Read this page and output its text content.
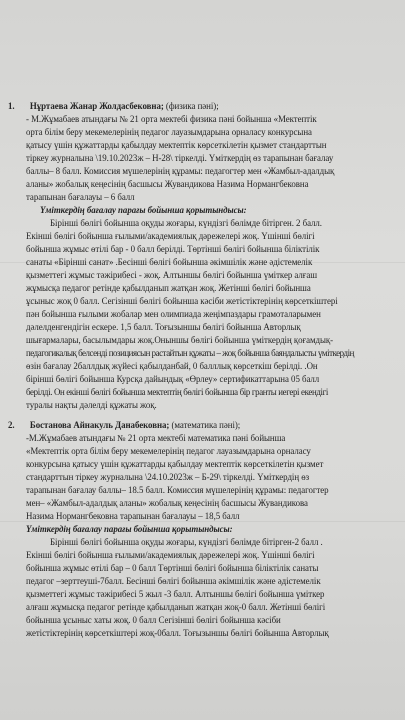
1. Нұртаева Жанар Жолдасбековна; (физика пәні);
- М.Жұмабаев атындағы № 21 орта мектебі физика пәні бойынша «Мектептік
орта білім беру мекемелерінің педагог лауазымдарына орналасу конкурсына
қатысу үшін құжаттарды қабылдау мектептік көрсеткілетін қызмет стандарттын
тіркеу журналына \19.10.2023ж – Н-28\ тіркелді. Үміткердің өз тарапынан бағалау
баллы– 8 балл. Комиссия мүшелерінің құрамы: педагогтер мен «Жамбыл-адалдық
аланы» жобалық кеңесінің басшысы Жувандикова Назима Нормангбековна
тарапынан бағалауы – 6 балл
Үміткердің бағалау парағы бойынша қорытындысы:
Бірінші бөлігі бойынша оқуды жоғары, күндізгі бөлімде бітірген. 2 балл.
Екінші бөлігі бойынша ғылыми/академиялық дәрежелері жоқ. Үшінші бөлігі
бойынша жұмыс өтілі бар - 0 балл берілді. Төртінші бөлігі бойынша біліктілік
санаты «Бірінші санат» .Бесінші бөлігі бойынша әкімшілік және әдістемелік
қызметтегі жұмыс тәжірибесі - жоқ. Алтыншы бөлігі бойынша үміткер алғаш
жұмысқа педагог ретінде қабылданып жатқан жоқ. Жетінші бөлігі бойынша
ұсыныс жоқ 0 балл. Сегізінші бөлігі бойынша кәсіби жетістіктерінің көрсеткіштері
пән бойынша ғылыми жобалар мен олимпиада жеңімпаздары грамоталарымен
дәлелденгендігін ескере. 1,5 балл. Тоғызыншы бөлігі бойынша Авторлық
шығармалары, басылымдары жоқ.Оныншы бөлігі бойынша үміткердің қоғамдық-
педагогикалық белсенді позициясын растайтын құжаты – жоқ бойынша баяндалысты үміткердің
өзін бағалау 2баллдық жүйесі қабылданбай, 0 балллық көрсеткіш берілді. .Он
бірінші бөлігі бойынша Курсқа дайындық «Өрлеу» сертификаттарына 05 балл
берілді. Он екінші бөлігі бойынша мектептің бөлігі бойынша бір гранты иегері екендігі
туралы нақты дәлелді құжаты жоқ.
2. Бостанова Айнакуль Данабековна; (математика пәні);
-М.Жұмабаев атындағы № 21 орта мектебі математика пәні бойынша
«Мектептік орта білім беру мекемелерінің педагог лауазымдарына орналасу
конкурсына қатысу үшін құжаттарды қабылдау мектептік көрсеткілетін қызмет
стандарттын тіркеу журналына \24.10.2023ж – Б-29\ тіркелді. Үміткердің өз
тарапынан бағалау баллы– 18.5 балл. Комиссия мүшелерінің құрамы: педагогтер
мен– «Жамбыл-адалдық аланы» жобалық кеңесінің басшысы Жувандикова
Назима Нормангбековна тарапынан бағалауы – 18,5 балл
Үміткердің бағалау парағы бойынша қорытындысы:
Бірінші бөлігі бойынша оқуды жоғары, күндізгі бөлімде бітірген-2 балл .
Екінші бөлігі бойынша ғылыми/академиялық дәрежелері жоқ. Үшінші бөлігі
бойынша жұмыс өтілі бар – 0 балл Төртінші бөлігі бойынша біліктілік санаты
педагог –зерттеуші-7балл. Бесінші бөлігі бойынша әкімшілік және әдістемелік
қызметтегі жұмыс тәжірибесі 5 жыл -3 балл. Алтыншы бөлігі бойынша үміткер
алғаш жұмысқа педагог ретінде қабылданып жатқан жоқ-0 балл. Жетінші бөлігі
бойынша ұсыныс хаты жоқ. 0 балл Сегізінші бөлігі бойынша кәсіби
жетістіктерінің көрсеткіштері жоқ-0балл. Тоғызыншы бөлігі бойынша Авторлық
